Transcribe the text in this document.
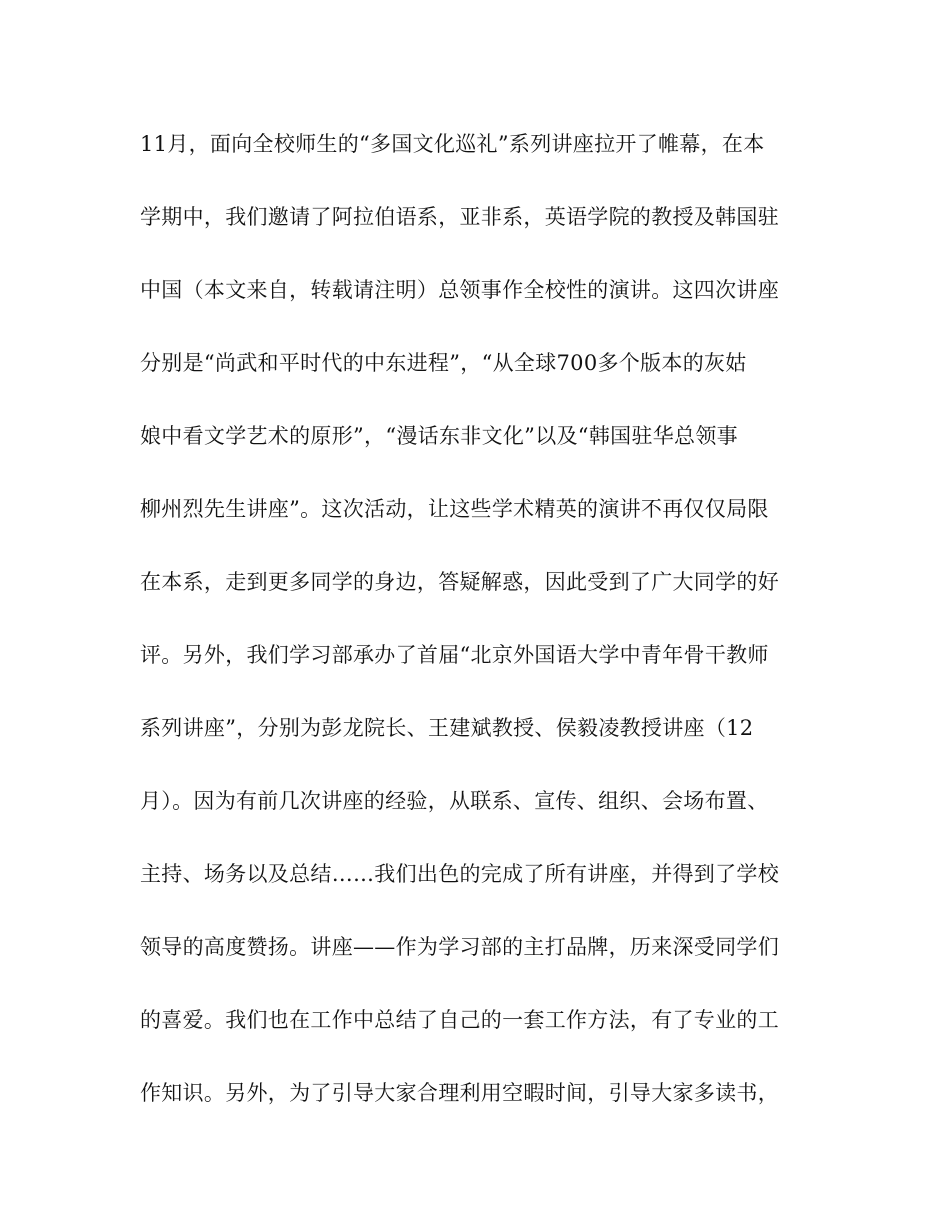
11月，面向全校师生的“多国文化巡礼”系列讲座拉开了帷幕，在本
学期中，我们邀请了阿拉伯语系，亚非系，英语学院的教授及韩国驻
中国（本文来自，转载请注明）总领事作全校性的演讲。这四次讲座
分别是“尚武和平时代的中东进程”，“从全球700多个版本的灰姑
娘中看文学艺术的原形”，“漫话东非文化”以及“韩国驻华总领事
柳州烈先生讲座”。这次活动，让这些学术精英的演讲不再仅仅局限
在本系，走到更多同学的身边，答疑解惑，因此受到了广大同学的好
评。另外，我们学习部承办了首届“北京外国语大学中青年骨干教师
系列讲座”，分别为彭龙院长、王建斌教授、侯毅凌教授讲座（12
月）。因为有前几次讲座的经验，从联系、宣传、组织、会场布置、
主持、场务以及总结……我们出色的完成了所有讲座，并得到了学校
领导的高度赞扬。讲座——作为学习部的主打品牌，历来深受同学们
的喜爱。我们也在工作中总结了自己的一套工作方法，有了专业的工
作知识。另外，为了引导大家合理利用空暇时间，引导大家多读书，
